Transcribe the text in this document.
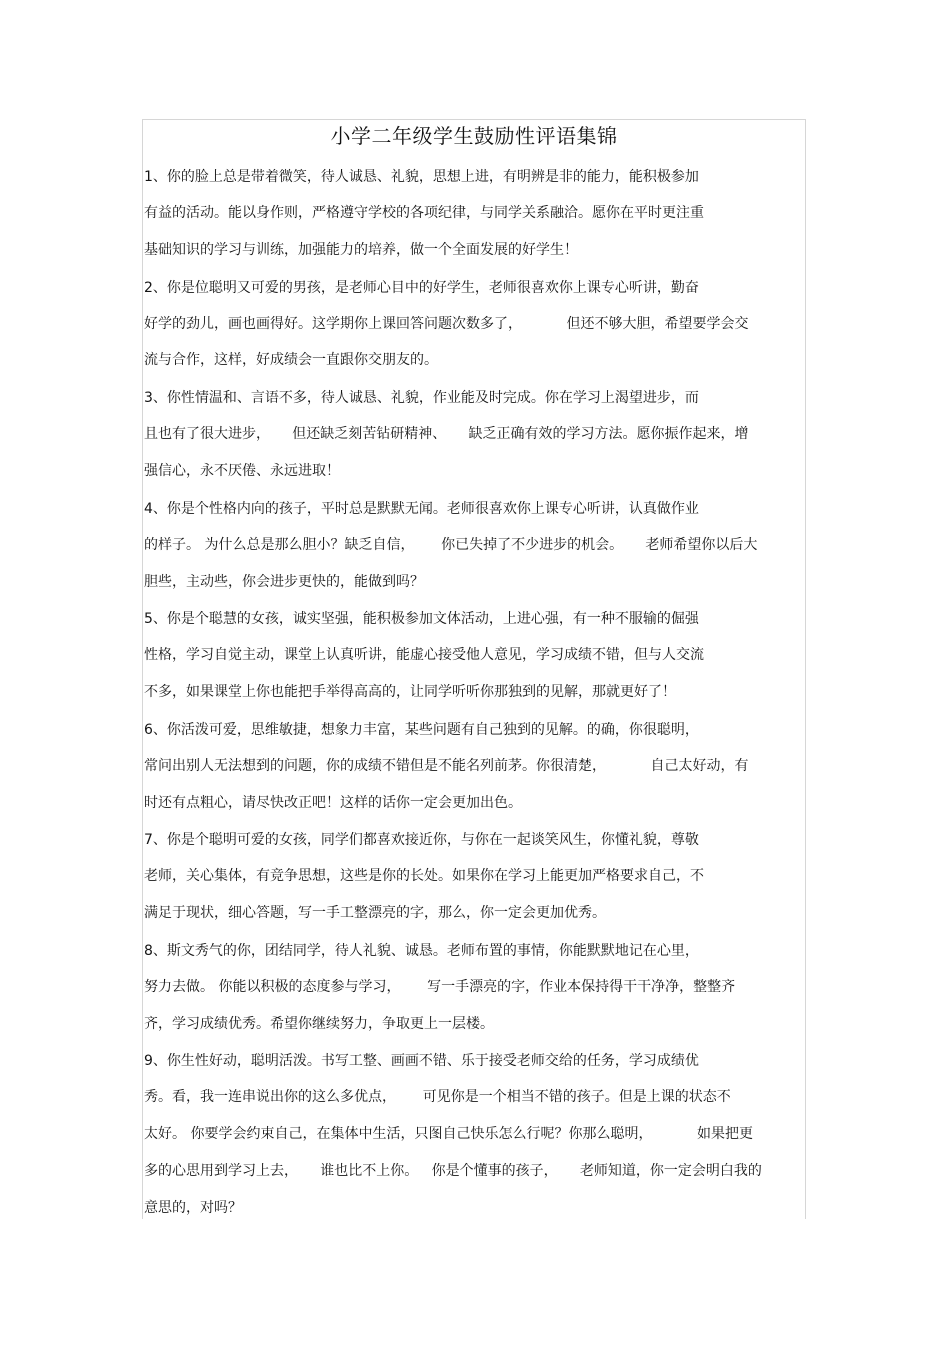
小学二年级学生鼓励性评语集锦
1、你的脸上总是带着微笑，待人诚恳、礼貌，思想上进，有明辨是非的能力，能积极参加
有益的活动。能以身作则，严格遵守学校的各项纪律，与同学关系融洽。愿你在平时更注重
基础知识的学习与训练，加强能力的培养，做一个全面发展的好学生！
2、你是位聪明又可爱的男孩，是老师心目中的好学生，老师很喜欢你上课专心听讲，勤奋
好学的劲儿，画也画得好。这学期你上课回答问题次数多了，          但还不够大胆，希望要学会交
流与合作，这样，好成绩会一直跟你交朋友的。
3、你性情温和、言语不多，待人诚恳、礼貌，作业能及时完成。你在学习上渴望进步，而
且也有了很大进步，     但还缺乏刻苦钻研精神、     缺乏正确有效的学习方法。愿你振作起来，增
强信心，永不厌倦、永远进取！
4、你是个性格内向的孩子，平时总是默默无闻。老师很喜欢你上课专心听讲，认真做作业
的样子。 为什么总是那么胆小？缺乏自信，      你已失掉了不少进步的机会。     老师希望你以后大
胆些，主动些，你会进步更快的，能做到吗？
5、你是个聪慧的女孩，诚实坚强，能积极参加文体活动，上进心强，有一种不服输的倔强
性格，学习自觉主动，课堂上认真听讲，能虚心接受他人意见，学习成绩不错，但与人交流
不多，如果课堂上你也能把手举得高高的，让同学听听你那独到的见解，那就更好了！
6、你活泼可爱，思维敏捷，想象力丰富，某些问题有自己独到的见解。的确，你很聪明，
常问出别人无法想到的问题，你的成绩不错但是不能名列前茅。你很清楚，          自己太好动，有
时还有点粗心，请尽快改正吧！这样的话你一定会更加出色。
7、你是个聪明可爱的女孩，同学们都喜欢接近你，与你在一起谈笑风生，你懂礼貌，尊敬
老师，关心集体，有竞争思想，这些是你的长处。如果你在学习上能更加严格要求自己，不
满足于现状，细心答题，写一手工整漂亮的字，那么，你一定会更加优秀。
8、斯文秀气的你，团结同学，待人礼貌、诚恳。老师布置的事情，你能默默地记在心里，
努力去做。 你能以积极的态度参与学习，      写一手漂亮的字，作业本保持得干干净净，整整齐
齐，学习成绩优秀。希望你继续努力，争取更上一层楼。
9、你生性好动，聪明活泼。书写工整、画画不错、乐于接受老师交给的任务，学习成绩优
秀。看，我一连串说出你的这么多优点，      可见你是一个相当不错的孩子。但是上课的状态不
太好。 你要学会约束自己，在集体中生活，只图自己快乐怎么行呢？你那么聪明，          如果把更
多的心思用到学习上去，     谁也比不上你。   你是个懂事的孩子，     老师知道，你一定会明白我的
意思的，对吗？
